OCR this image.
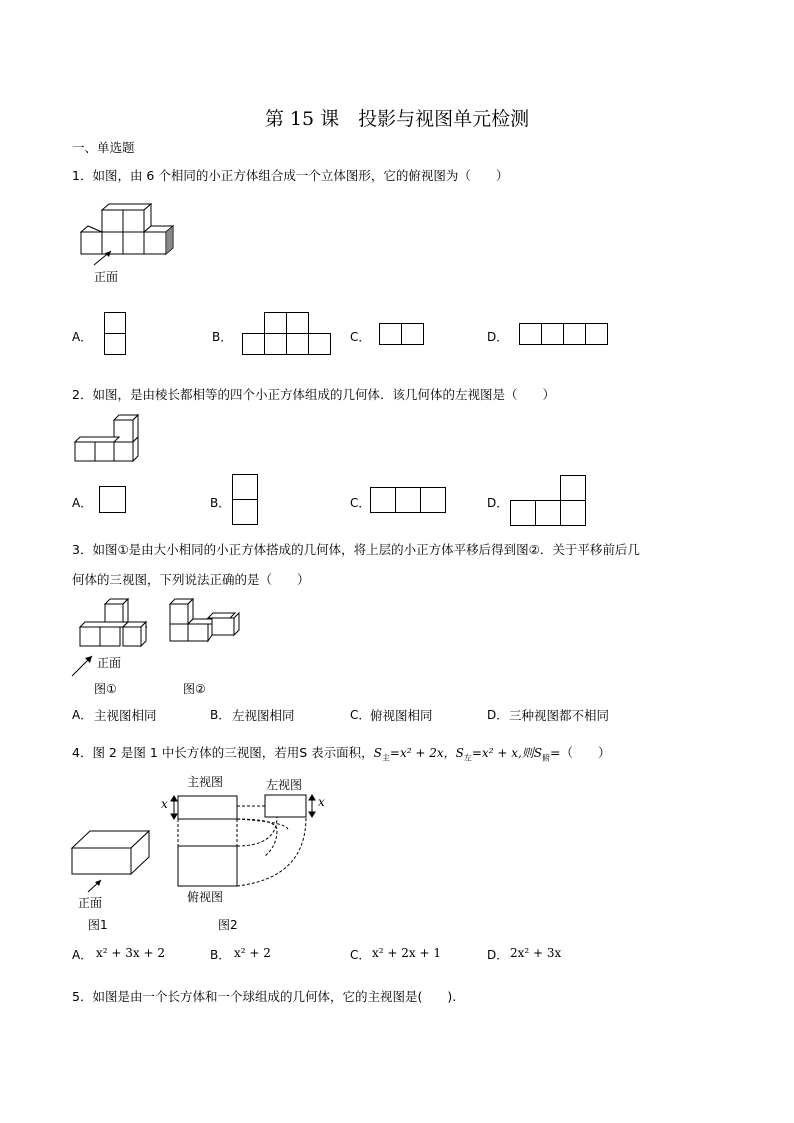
第 15 课　投影与视图单元检测
一、单选题
1．如图，由 6 个相同的小正方体组合成一个立体图形，它的俯视图为（　　）
正面
A．	B．	C．	D．
2．如图，是由棱长都相等的四个小正方体组成的几何体．该几何体的左视图是（　　）
A．	B．	C．	D．
3．如图①是由大小相同的小正方体搭成的几何体，将上层的小正方体平移后得到图②．关于平移前后几
何体的三视图，下列说法正确的是（　　）
正面
图①	图②
A． 主视图相同	B． 左视图相同	C． 俯视图相同	D． 三种视图都不相同
4．图 2 是图 1 中长方体的三视图，若用S 表示面积，$S_主=x^2 + 2x$，$S_左=x^2 + x$,则$S_俯=$（　　）
正面
图1
主视图	左视图
俯视图
x	x
图2
A． x² + 3x + 2	B． x² + 2	C． x² + 2x + 1	D． 2x² + 3x
5．如图是由一个长方体和一个球组成的几何体，它的主视图是(　　).
